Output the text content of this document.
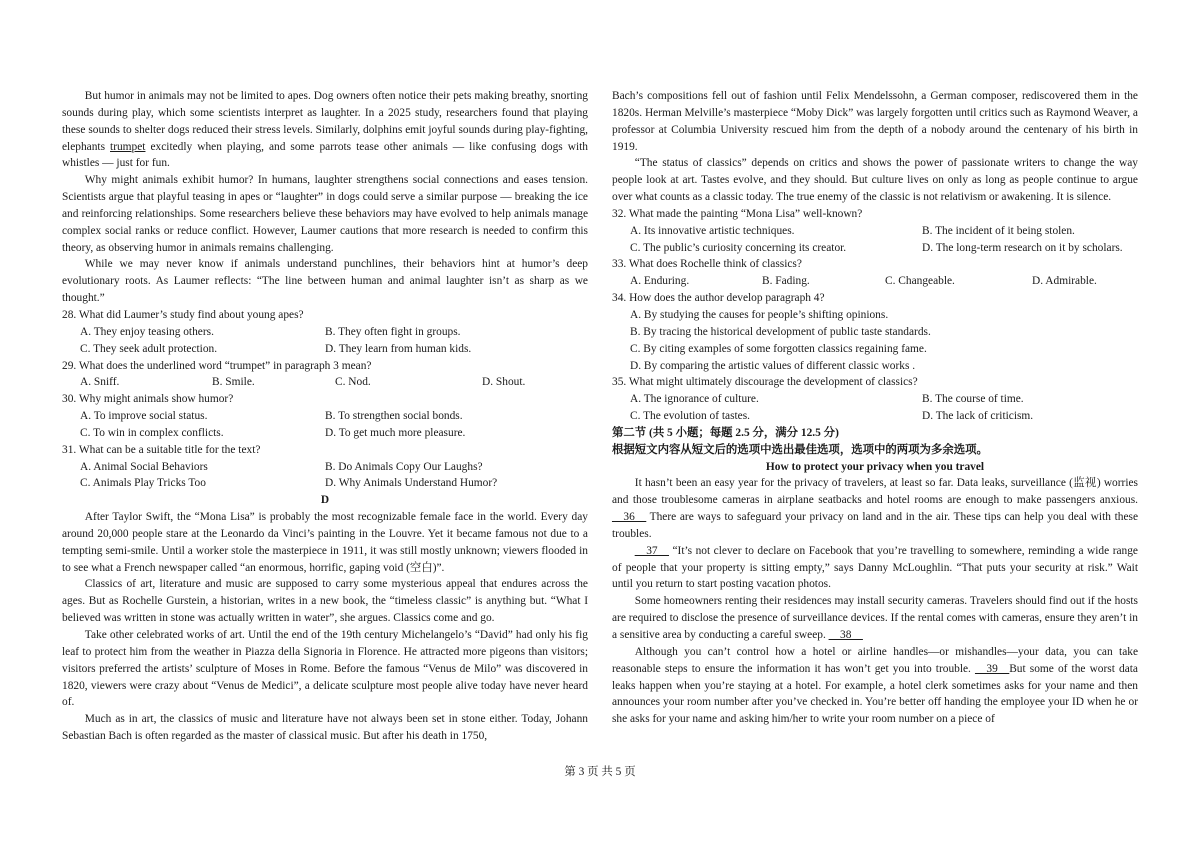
But humor in animals may not be limited to apes. Dog owners often notice their pets making breathy, snorting sounds during play, which some scientists interpret as laughter. In a 2025 study, researchers found that playing these sounds to shelter dogs reduced their stress levels. Similarly, dolphins emit joyful sounds during play-fighting, elephants trumpet excitedly when playing, and some parrots tease other animals — like confusing dogs with whistles — just for fun.

Why might animals exhibit humor? In humans, laughter strengthens social connections and eases tension. Scientists argue that playful teasing in apes or “laughter” in dogs could serve a similar purpose — breaking the ice and reinforcing relationships. Some researchers believe these behaviors may have evolved to help animals manage complex social ranks or reduce conflict. However, Laumer cautions that more research is needed to confirm this theory, as observing humor in animals remains challenging.

While we may never know if animals understand punchlines, their behaviors hint at humor’s deep evolutionary roots. As Laumer reflects: “The line between human and animal laughter isn’t as sharp as we thought.”

28. What did Laumer’s study find about young apes?

A. They enjoy teasing others.	B. They often fight in groups.
C. They seek adult protection.	D. They learn from human kids.

29. What does the underlined word “trumpet” in paragraph 3 mean?

A. Sniff.	B. Smile.	C. Nod.	D. Shout.

30. Why might animals show humor?

A. To improve social status.	B. To strengthen social bonds.
C. To win in complex conflicts.	D. To get much more pleasure.

31. What can be a suitable title for the text?

A. Animal Social Behaviors	B. Do Animals Copy Our Laughs?
C. Animals Play Tricks Too	D. Why Animals Understand Humor?

D

After Taylor Swift, the “Mona Lisa” is probably the most recognizable female face in the world. Every day around 20,000 people stare at the Leonardo da Vinci’s painting in the Louvre. Yet it became famous not due to a tempting semi-smile. Until a worker stole the masterpiece in 1911, it was still mostly unknown; viewers flooded in to see what a French newspaper called “an enormous, horrific, gaping void (空白)”.

Classics of art, literature and music are supposed to carry some mysterious appeal that endures across the ages. But as Rochelle Gurstein, a historian, writes in a new book, the “timeless classic” is anything but. “What I believed was written in stone was actually written in water”, she argues. Classics come and go.

Take other celebrated works of art. Until the end of the 19th century Michelangelo’s “David” had only his fig leaf to protect him from the weather in Piazza della Signoria in Florence. He attracted more pigeons than visitors; visitors preferred the artists’ sculpture of Moses in Rome. Before the famous “Venus de Milo” was discovered in 1820, viewers were crazy about “Venus de Medici”, a delicate sculpture most people alive today have never heard of.

Much as in art, the classics of music and literature have not always been set in stone either. Today, Johann Sebastian Bach is often regarded as the master of classical music. But after his death in 1750,

Bach’s compositions fell out of fashion until Felix Mendelssohn, a German composer, rediscovered them in the 1820s. Herman Melville’s masterpiece “Moby Dick” was largely forgotten until critics such as Raymond Weaver, a professor at Columbia University rescued him from the depth of a nobody around the centenary of his birth in 1919.

“The status of classics” depends on critics and shows the power of passionate writers to change the way people look at art. Tastes evolve, and they should. But culture lives on only as long as people continue to argue over what counts as a classic today. The true enemy of the classic is not relativism or awakening. It is silence.

32. What made the painting “Mona Lisa” well-known?

A. Its innovative artistic techniques.	B. The incident of it being stolen.
C. The public’s curiosity concerning its creator.	D. The long-term research on it by scholars.

33. What does Rochelle think of classics?

A. Enduring.	B. Fading.	C. Changeable.	D. Admirable.

34. How does the author develop paragraph 4?

A. By studying the causes for people’s shifting opinions.

B. By tracing the historical development of public taste standards.

C. By citing examples of some forgotten classics regaining fame.

D. By comparing the artistic values of different classic works .

35. What might ultimately discourage the development of classics?

A. The ignorance of culture.	B. The course of time.
C. The evolution of tastes.	D. The lack of criticism.

第二节 (共 5 小题；每题 2.5 分，满分 12.5 分)

根据短文内容从短文后的选项中选出最佳选项，选项中的两项为多余选项。

How to protect your privacy when you travel

It hasn’t been an easy year for the privacy of travelers, at least so far. Data leaks, surveillance (监视) worries and those troublesome cameras in airplane seatbacks and hotel rooms are enough to make passengers anxious. __36__ There are ways to safeguard your privacy on land and in the air. These tips can help you deal with these troubles.

__37__ “It’s not clever to declare on Facebook that you’re travelling to somewhere, reminding a wide range of people that your property is sitting empty,” says Danny McLoughlin. “That puts your security at risk.” Wait until you return to start posting vacation photos.

Some homeowners renting their residences may install security cameras. Travelers should find out if the hosts are required to disclose the presence of surveillance devices. If the rental comes with cameras, ensure they aren’t in a sensitive area by conducting a careful sweep. __38__

Although you can’t control how a hotel or airline handles—or mishandles—your data, you can take reasonable steps to ensure the information it has won’t get you into trouble. __39__But some of the worst data leaks happen when you’re staying at a hotel. For example, a hotel clerk sometimes asks for your name and then announces your room number after you’ve checked in. You’re better off handing the employee your ID when he or she asks for your name and asking him/her to write your room number on a piece of

第 3 页 共 5 页
